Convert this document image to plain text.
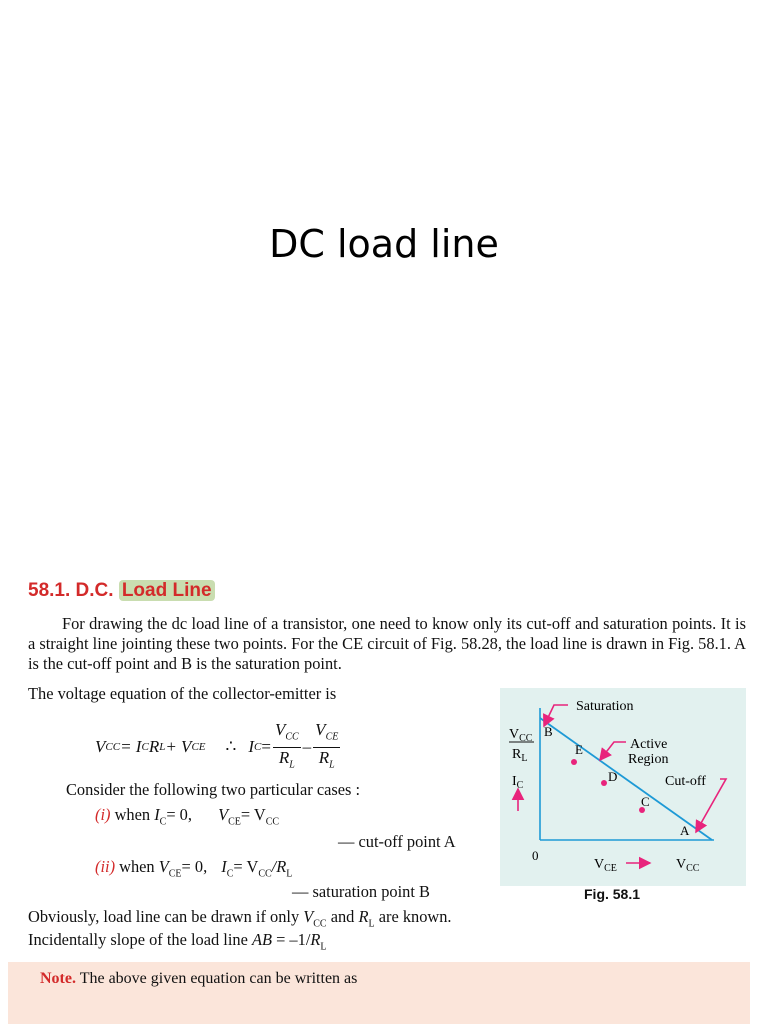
DC load line
58.1. D.C. Load Line
For drawing the dc load line of a transistor, one need to know only its cut-off and saturation points. It is a straight line jointing these two points. For the CE circuit of Fig. 58.28, the load line is drawn in Fig. 58.1. A is the cut-off point and B is the saturation point.
The voltage equation of the collector-emitter is
V CC = I C R L + V CE ∴ I $C = \frac{V_{CC}}{R_L} - \frac{V_{CE}}{R_L}$
Consider the following two particular cases :
(i) when $I_C= 0$, $V_{CE}= V_{CC}$
— cut-off point A
(ii) when $V_{CE}= 0$, $I_C= V_{CC}/R_L$
— saturation point B
Obviously, load line can be drawn if only $V_{CC}$ and $R_L$ are known.
Incidentally slope of the load line AB = $-1/R_L$
Saturation
Active
Region
Cut-off
B
E
D
C
A
$V_{CC}$
$R_L$
$I_C$
0
$V_{CE}$	$V_{CC}$
Fig. 58.1
Note. The above given equation can be written as
